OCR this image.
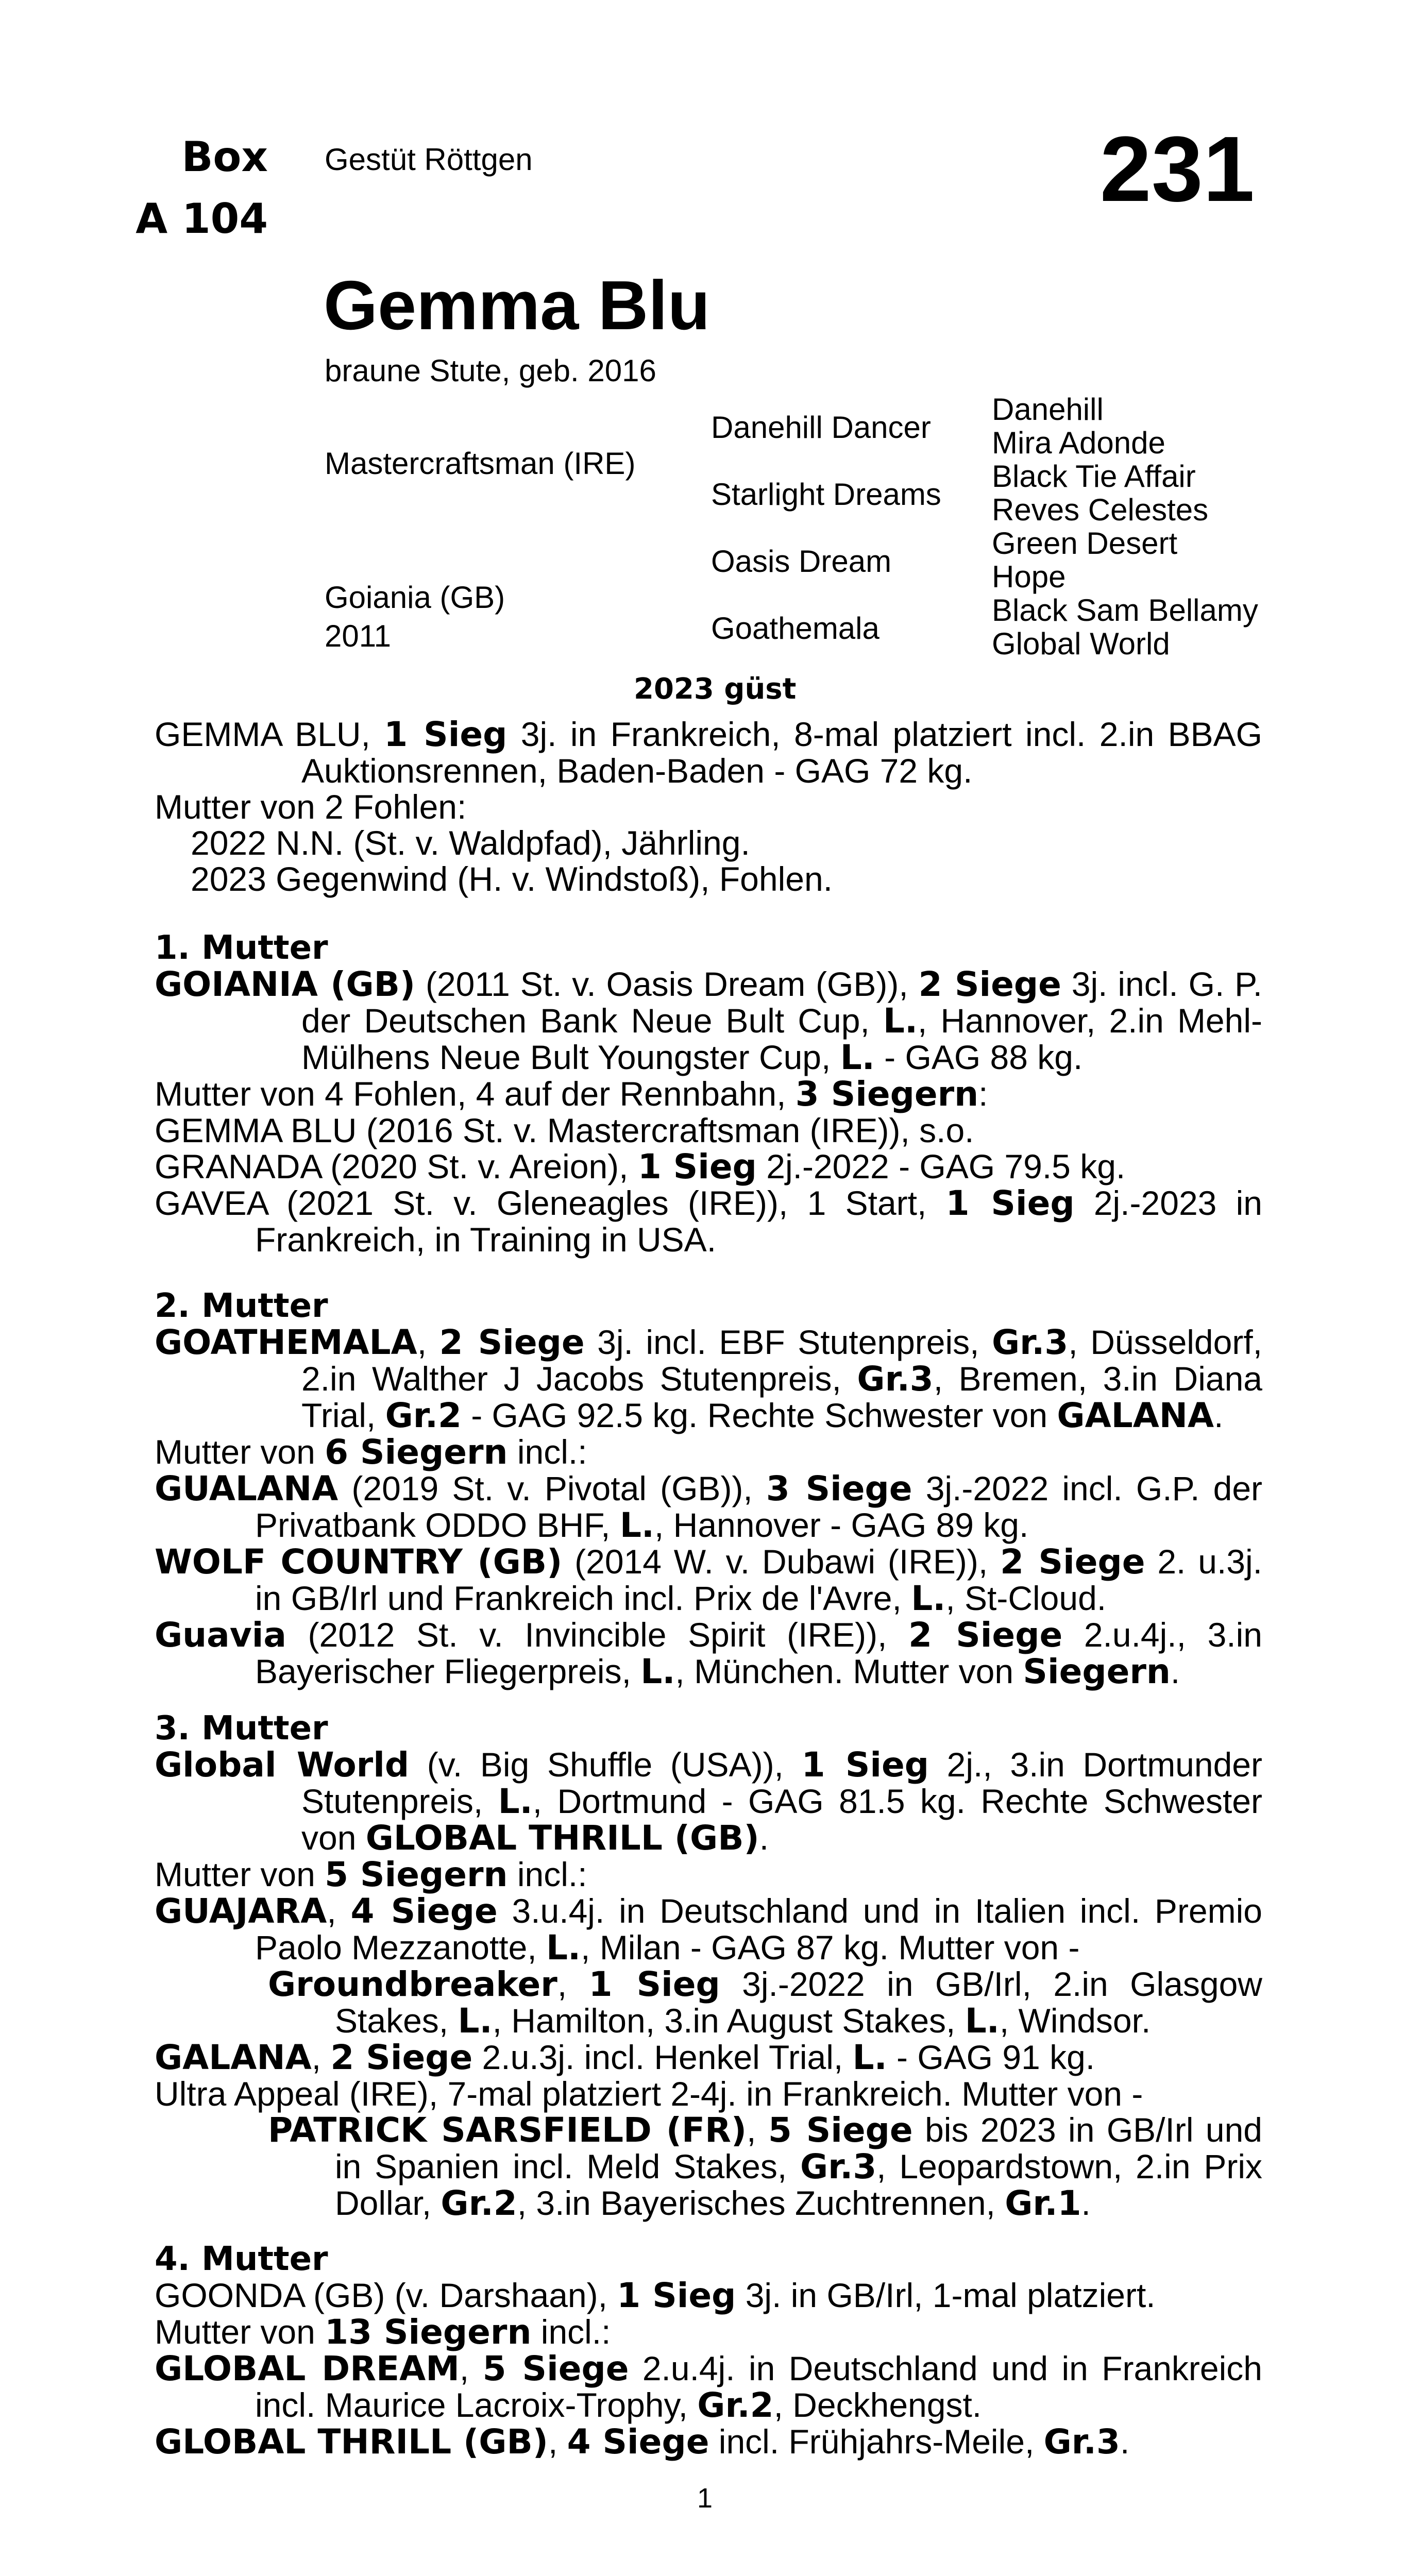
Box
A 104
Gestüt Röttgen	231
Gemma Blu
braune Stute, geb. 2016
Mastercraftsman (IRE)
Goiania (GB)
2011
Danehill Dancer
Starlight Dreams
Oasis Dream
Goathemala
Danehill
Mira Adonde
Black Tie Affair
Reves Celestes
Green Desert
Hope
Black Sam Bellamy
Global World
2023 güst

GEMMA BLU, 1 Sieg 3j. in Frankreich, 8-mal platziert incl. 2.in BBAG Auktionsrennen, Baden-Baden - GAG 72 kg.

Mutter von 2 Fohlen:

2022 N.N. (St. v. Waldpfad), Jährling.

2023 Gegenwind (H. v. Windstoß), Fohlen.

1. Mutter

GOIANIA (GB) (2011 St. v. Oasis Dream (GB)), 2 Siege 3j. incl. G. P. der Deutschen Bank Neue Bult Cup, L., Hannover, 2.in Mehl-Mülhens Neue Bult Youngster Cup, L. - GAG 88 kg.

Mutter von 4 Fohlen, 4 auf der Rennbahn, 3 Siegern:

GEMMA BLU (2016 St. v. Mastercraftsman (IRE)), s.o.

GRANADA (2020 St. v. Areion), 1 Sieg 2j.-2022 - GAG 79.5 kg.

GAVEA (2021 St. v. Gleneagles (IRE)), 1 Start, 1 Sieg 2j.-2023 in Frankreich, in Training in USA.

2. Mutter

GOATHEMALA, 2 Siege 3j. incl. EBF Stutenpreis, Gr.3, Düsseldorf, 2.in Walther J Jacobs Stutenpreis, Gr.3, Bremen, 3.in Diana Trial, Gr.2 - GAG 92.5 kg. Rechte Schwester von GALANA.

Mutter von 6 Siegern incl.:

GUALANA (2019 St. v. Pivotal (GB)), 3 Siege 3j.-2022 incl. G.P. der Privatbank ODDO BHF, L., Hannover - GAG 89 kg.

WOLF COUNTRY (GB) (2014 W. v. Dubawi (IRE)), 2 Siege 2. u.3j. in GB/Irl und Frankreich incl. Prix de l'Avre, L., St-Cloud.

Guavia (2012 St. v. Invincible Spirit (IRE)), 2 Siege 2.u.4j., 3.in Bayerischer Fliegerpreis, L., München. Mutter von Siegern.

3. Mutter

Global World (v. Big Shuffle (USA)), 1 Sieg 2j., 3.in Dortmunder Stutenpreis, L., Dortmund - GAG 81.5 kg. Rechte Schwester von GLOBAL THRILL (GB).

Mutter von 5 Siegern incl.:

GUAJARA, 4 Siege 3.u.4j. in Deutschland und in Italien incl. Premio Paolo Mezzanotte, L., Milan - GAG 87 kg. Mutter von -

Groundbreaker, 1 Sieg 3j.-2022 in GB/Irl, 2.in Glasgow Stakes, L., Hamilton, 3.in August Stakes, L., Windsor.

GALANA, 2 Siege 2.u.3j. incl. Henkel Trial, L. - GAG 91 kg.

Ultra Appeal (IRE), 7-mal platziert 2-4j. in Frankreich. Mutter von -

PATRICK SARSFIELD (FR), 5 Siege bis 2023 in GB/Irl und in Spanien incl. Meld Stakes, Gr.3, Leopardstown, 2.in Prix Dollar, Gr.2, 3.in Bayerisches Zuchtrennen, Gr.1.

4. Mutter

GOONDA (GB) (v. Darshaan), 1 Sieg 3j. in GB/Irl, 1-mal platziert.

Mutter von 13 Siegern incl.:

GLOBAL DREAM, 5 Siege 2.u.4j. in Deutschland und in Frankreich incl. Maurice Lacroix-Trophy, Gr.2, Deckhengst.

GLOBAL THRILL (GB), 4 Siege incl. Frühjahrs-Meile, Gr.3.

1
